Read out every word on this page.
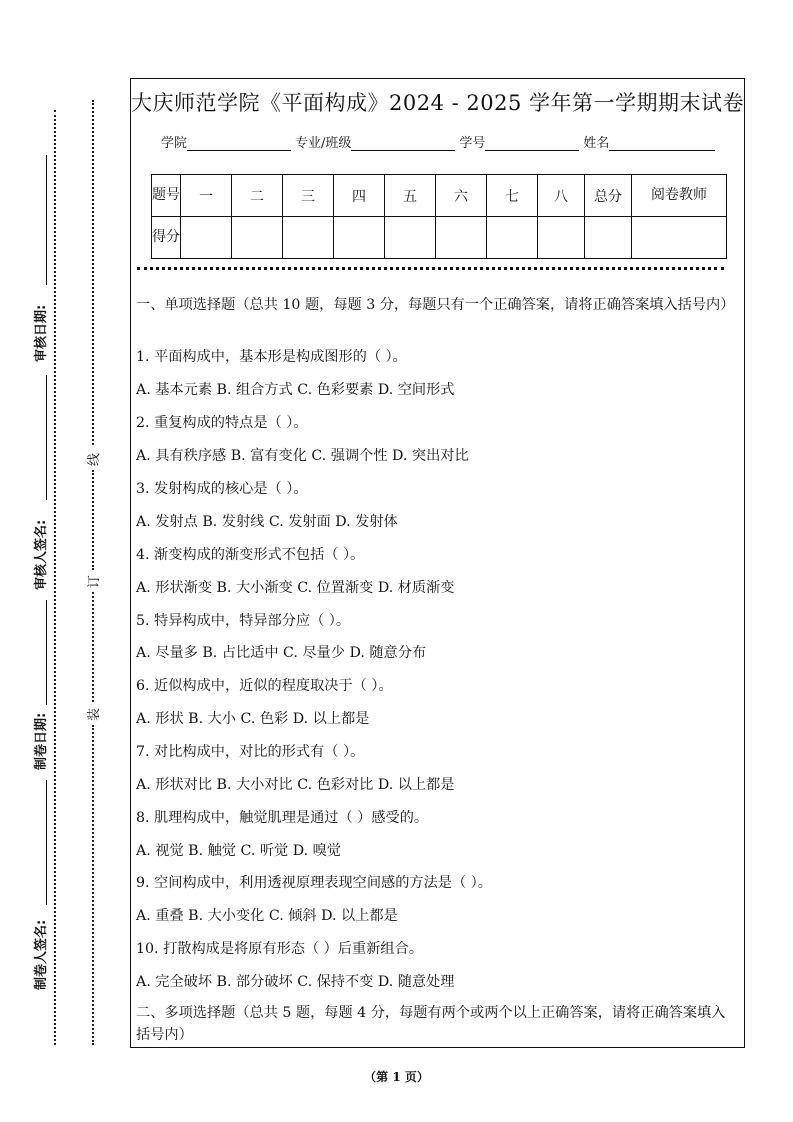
审核日期:
审核人签名:
制卷日期:
制卷人签名:
线
订
装
大庆师范学院《平面构成》2024 - 2025 学年第一学期期末试卷
学院	专业/班级	学号	姓名
题号	一	二	三	四	五	六	七	八	总分	阅卷教师
得分										
一、单项选择题（总共 10 题，每题 3 分，每题只有一个正确答案，请将正确答案填入括号内）
1. 平面构成中，基本形是构成图形的（ ）。
A. 基本元素 B. 组合方式 C. 色彩要素 D. 空间形式
2. 重复构成的特点是（ ）。
A. 具有秩序感 B. 富有变化 C. 强调个性 D. 突出对比
3. 发射构成的核心是（ ）。
A. 发射点 B. 发射线 C. 发射面 D. 发射体
4. 渐变构成的渐变形式不包括（ ）。
A. 形状渐变 B. 大小渐变 C. 位置渐变 D. 材质渐变
5. 特异构成中，特异部分应（ ）。
A. 尽量多 B. 占比适中 C. 尽量少 D. 随意分布
6. 近似构成中，近似的程度取决于（ ）。
A. 形状 B. 大小 C. 色彩 D. 以上都是
7. 对比构成中，对比的形式有（ ）。
A. 形状对比 B. 大小对比 C. 色彩对比 D. 以上都是
8. 肌理构成中，触觉肌理是通过（ ）感受的。
A. 视觉 B. 触觉 C. 听觉 D. 嗅觉
9. 空间构成中，利用透视原理表现空间感的方法是（ ）。
A. 重叠 B. 大小变化 C. 倾斜 D. 以上都是
10. 打散构成是将原有形态（ ）后重新组合。
A. 完全破坏 B. 部分破坏 C. 保持不变 D. 随意处理
二、多项选择题（总共 5 题，每题 4 分，每题有两个或两个以上正确答案，请将正确答案填入括号内）
（第 1 页）
